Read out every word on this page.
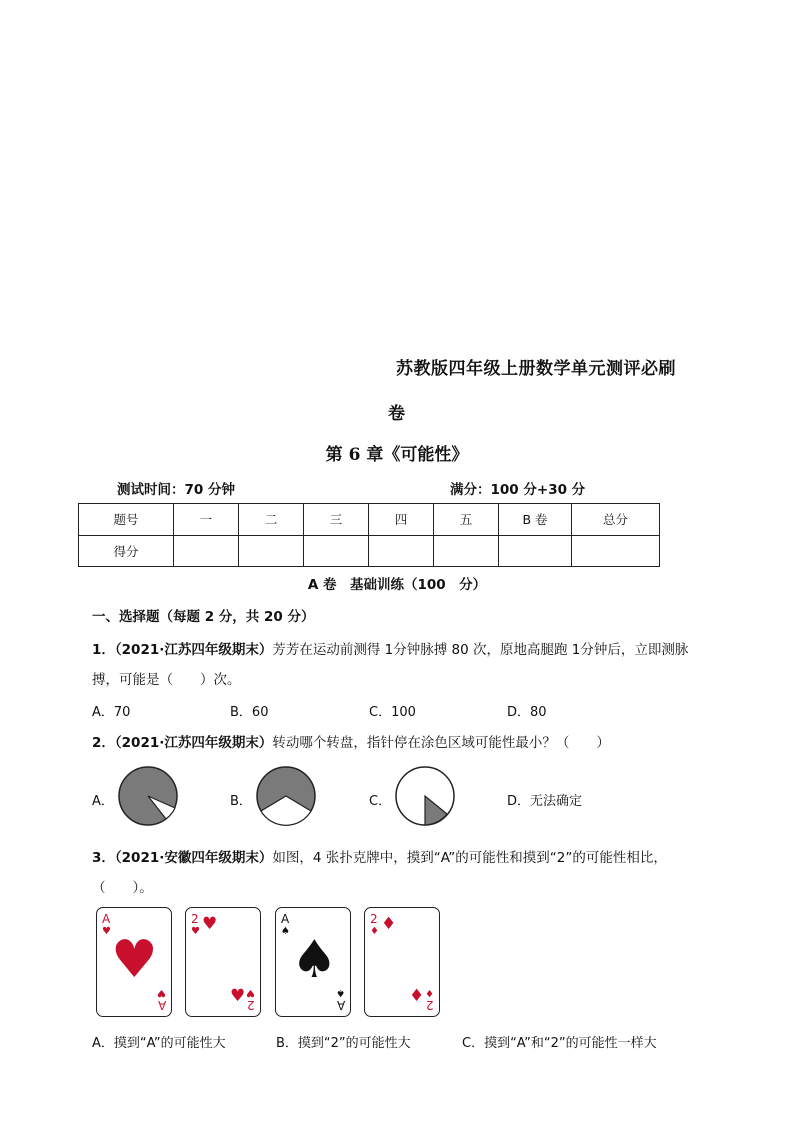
苏教版四年级上册数学单元测评必刷
卷
第 6 章《可能性》
测试时间：70 分钟	满分：100 分+30 分
题号	一	二	三	四	五	B 卷	总分
得分							
A 卷　基础训练（100　分）
一、选择题（每题 2 分，共 20 分）
1．（2021·江苏四年级期末）芳芳在运动前测得 1分钟脉搏 80 次，原地高腿跑 1分钟后，立即测脉
搏，可能是（　　）次。
A．70	B．60	C．100	D．80
2．（2021·江苏四年级期末）转动哪个转盘，指针停在涂色区域可能性最小？（　　）
A．	B．	C．	D．无法确定
3．（2021·安徽四年级期末）如图，4 张扑克牌中，摸到“A”的可能性和摸到“2”的可能性相比，
（　　）。
A
♥ ♥
♥
A
2
♥ ♥
♥ ♥
2
A
♠ ♠
♠
A
2
♦ ♦
♦ ♦
2
A．摸到“A”的可能性大	B．摸到“2”的可能性大	C．摸到“A”和“2”的可能性一样大
